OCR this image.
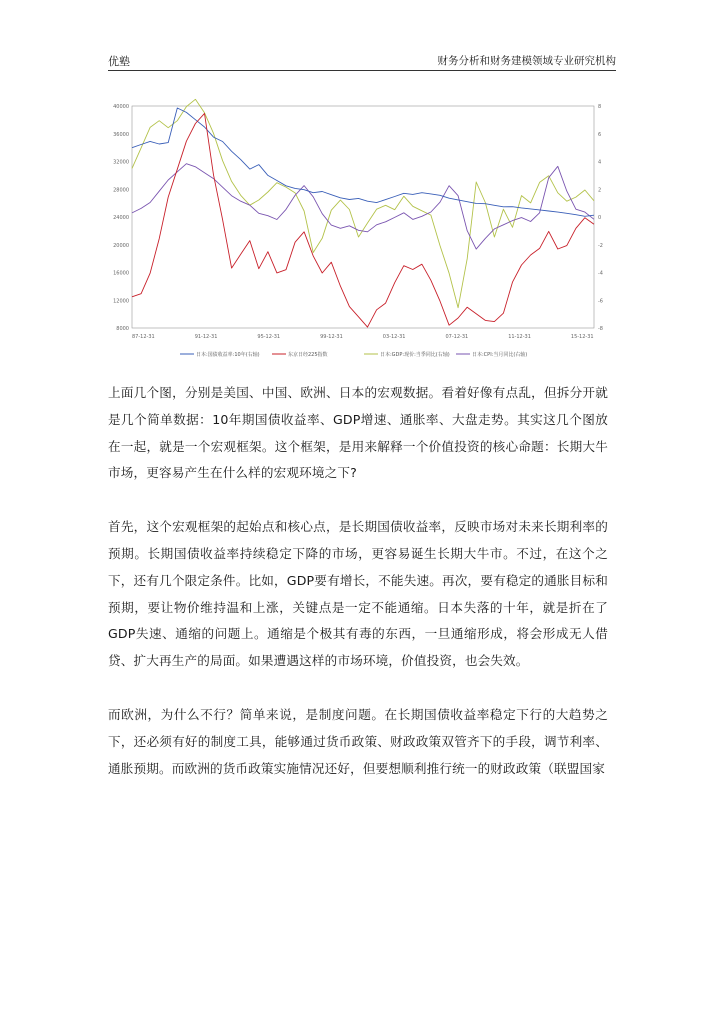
优塾	财务分析和财务建模领域专业研究机构
40000
36000
32000
28000
24000
20000
16000
12000
8000
8
6
4
2
0
-2
-4
-6
-8
87-12-31	91-12-31	95-12-31	99-12-31	03-12-31	07-12-31	11-12-31	15-12-31
日本:国债收益率:10年(右轴)	东京日经225指数	日本:GDP:现价:当季同比(右轴)	日本:CPI:当月同比(右轴)

上面几个图，分别是美国、中国、欧洲、日本的宏观数据。看着好像有点乱，但拆分开就是几个简单数据：10年期国债收益率、GDP增速、通胀率、大盘走势。其实这几个图放在一起，就是一个宏观框架。这个框架，是用来解释一个价值投资的核心命题：长期大牛市场，更容易产生在什么样的宏观环境之下?

首先，这个宏观框架的起始点和核心点，是长期国债收益率，反映市场对未来长期利率的预期。长期国债收益率持续稳定下降的市场，更容易诞生长期大牛市。不过，在这个之下，还有几个限定条件。比如，GDP要有增长，不能失速。再次，要有稳定的通胀目标和预期，要让物价维持温和上涨，关键点是一定不能通缩。日本失落的十年，就是折在了GDP失速、通缩的问题上。通缩是个极其有毒的东西，一旦通缩形成，将会形成无人借贷、扩大再生产的局面。如果遭遇这样的市场环境，价值投资，也会失效。

而欧洲，为什么不行？简单来说，是制度问题。在长期国债收益率稳定下行的大趋势之下，还必须有好的制度工具，能够通过货币政策、财政政策双管齐下的手段，调节利率、通胀预期。而欧洲的货币政策实施情况还好，但要想顺利推行统一的财政政策（联盟国家
